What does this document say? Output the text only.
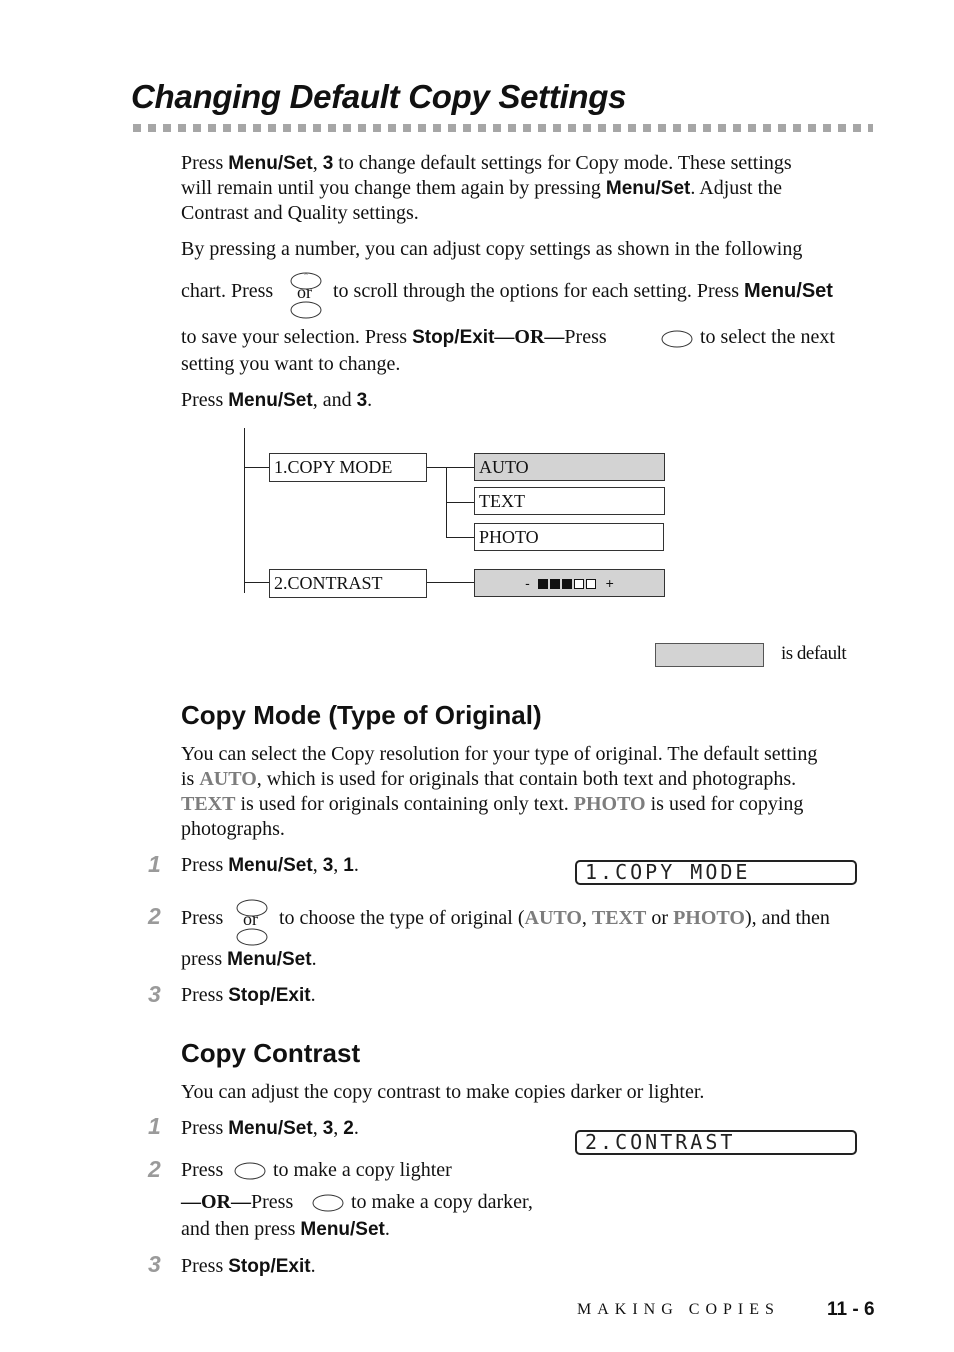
Changing Default Copy Settings
Press Menu/Set, 3 to change default settings for Copy mode. These settings
will remain until you change them again by pressing Menu/Set. Adjust the
Contrast and Quality settings.
By pressing a number, you can adjust copy settings as shown in the following
chart. Press
^
or to scroll through the options for each setting. Press Menu/Set
to save your selection. Press Stop/Exit—OR—Press	to select the next
setting you want to change.
Press Menu/Set, and 3.
1.COPY MODE
2.CONTRAST
AUTO
TEXT
PHOTO
-	+
is default
Copy Mode (Type of Original)
You can select the Copy resolution for your type of original. The default setting
is AUTO, which is used for originals that contain both text and photographs.
TEXT is used for originals containing only text. PHOTO is used for copying
photographs.
1 Press Menu/Set, 3, 1.	1.COPY MODE
2 Press or to choose the type of original (AUTO, TEXT or PHOTO), and then
press Menu/Set.
3 Press Stop/Exit.
Copy Contrast
You can adjust the copy contrast to make copies darker or lighter.
1 Press Menu/Set, 3, 2.
2.CONTRAST
2 Press to make a copy lighter
—OR—Press	to make a copy darker,
and then press Menu/Set.
3 Press Stop/Exit.
MAKING COPIES 11 - 6
